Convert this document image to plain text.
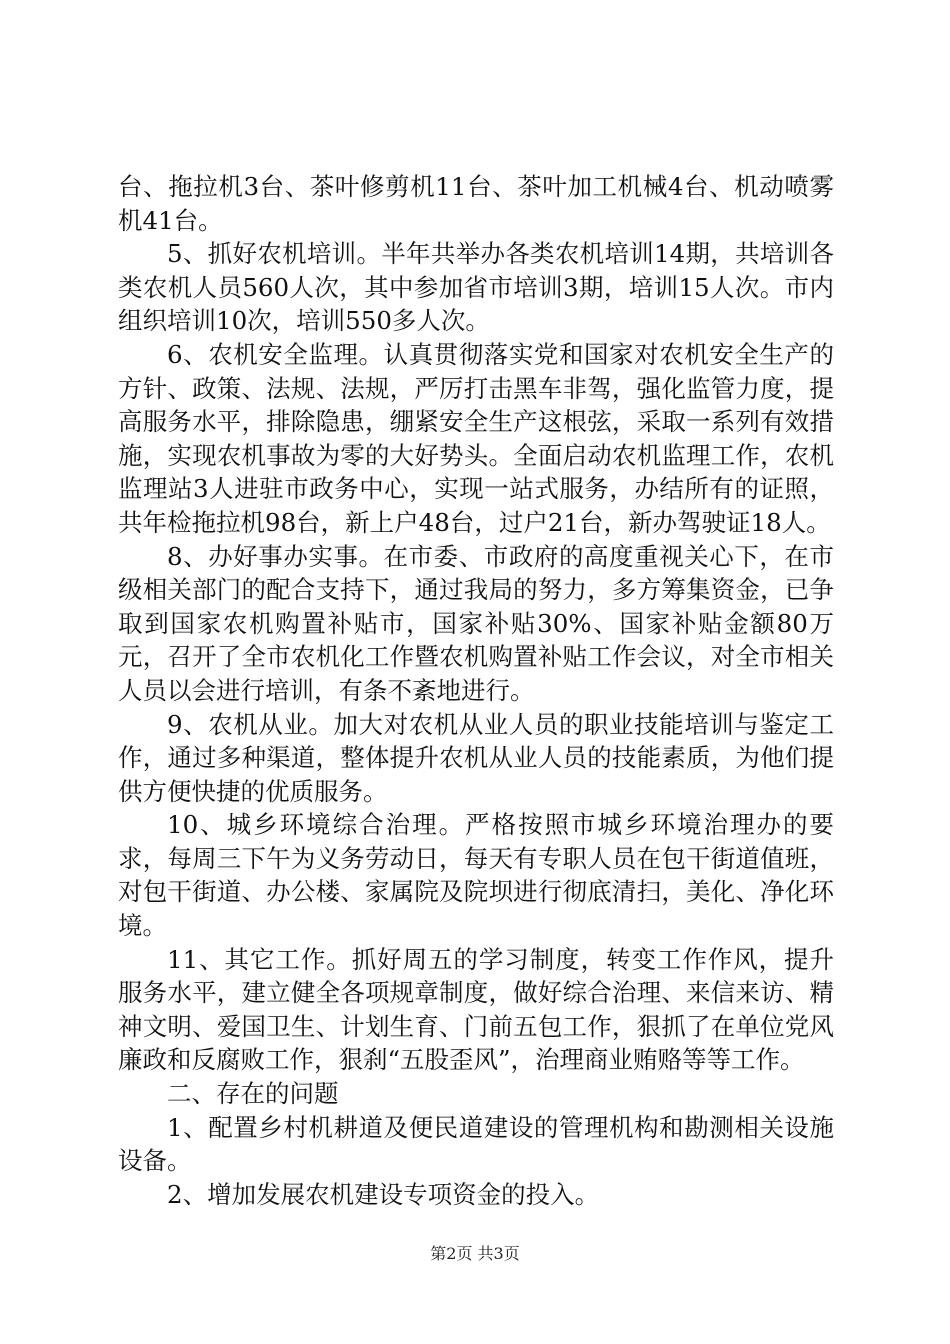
台、拖拉机3台、茶叶修剪机11台、茶叶加工机械4台、机动喷雾机41台。

5、抓好农机培训。半年共举办各类农机培训14期，共培训各类农机人员560人次，其中参加省市培训3期，培训15人次。市内组织培训10次，培训550多人次。

6、农机安全监理。认真贯彻落实党和国家对农机安全生产的方针、政策、法规、法规，严厉打击黑车非驾，强化监管力度，提高服务水平，排除隐患，绷紧安全生产这根弦，采取一系列有效措施，实现农机事故为零的大好势头。全面启动农机监理工作，农机监理站3人进驻市政务中心，实现一站式服务，办结所有的证照，共年检拖拉机98台，新上户48台，过户21台，新办驾驶证18人。

8、办好事办实事。在市委、市政府的高度重视关心下，在市级相关部门的配合支持下，通过我局的努力，多方筹集资金，已争取到国家农机购置补贴市，国家补贴30%、国家补贴金额80万元，召开了全市农机化工作暨农机购置补贴工作会议，对全市相关人员以会进行培训，有条不紊地进行。

9、农机从业。加大对农机从业人员的职业技能培训与鉴定工作，通过多种渠道，整体提升农机从业人员的技能素质，为他们提供方便快捷的优质服务。

10、城乡环境综合治理。严格按照市城乡环境治理办的要求，每周三下午为义务劳动日，每天有专职人员在包干街道值班，对包干街道、办公楼、家属院及院坝进行彻底清扫，美化、净化环境。

11、其它工作。抓好周五的学习制度，转变工作作风，提升服务水平，建立健全各项规章制度，做好综合治理、来信来访、精神文明、爱国卫生、计划生育、门前五包工作，狠抓了在单位党风廉政和反腐败工作，狠刹“五股歪风”，治理商业贿赂等等工作。

二、存在的问题

1、配置乡村机耕道及便民道建设的管理机构和勘测相关设施设备。

2、增加发展农机建设专项资金的投入。

第2页 共3页
